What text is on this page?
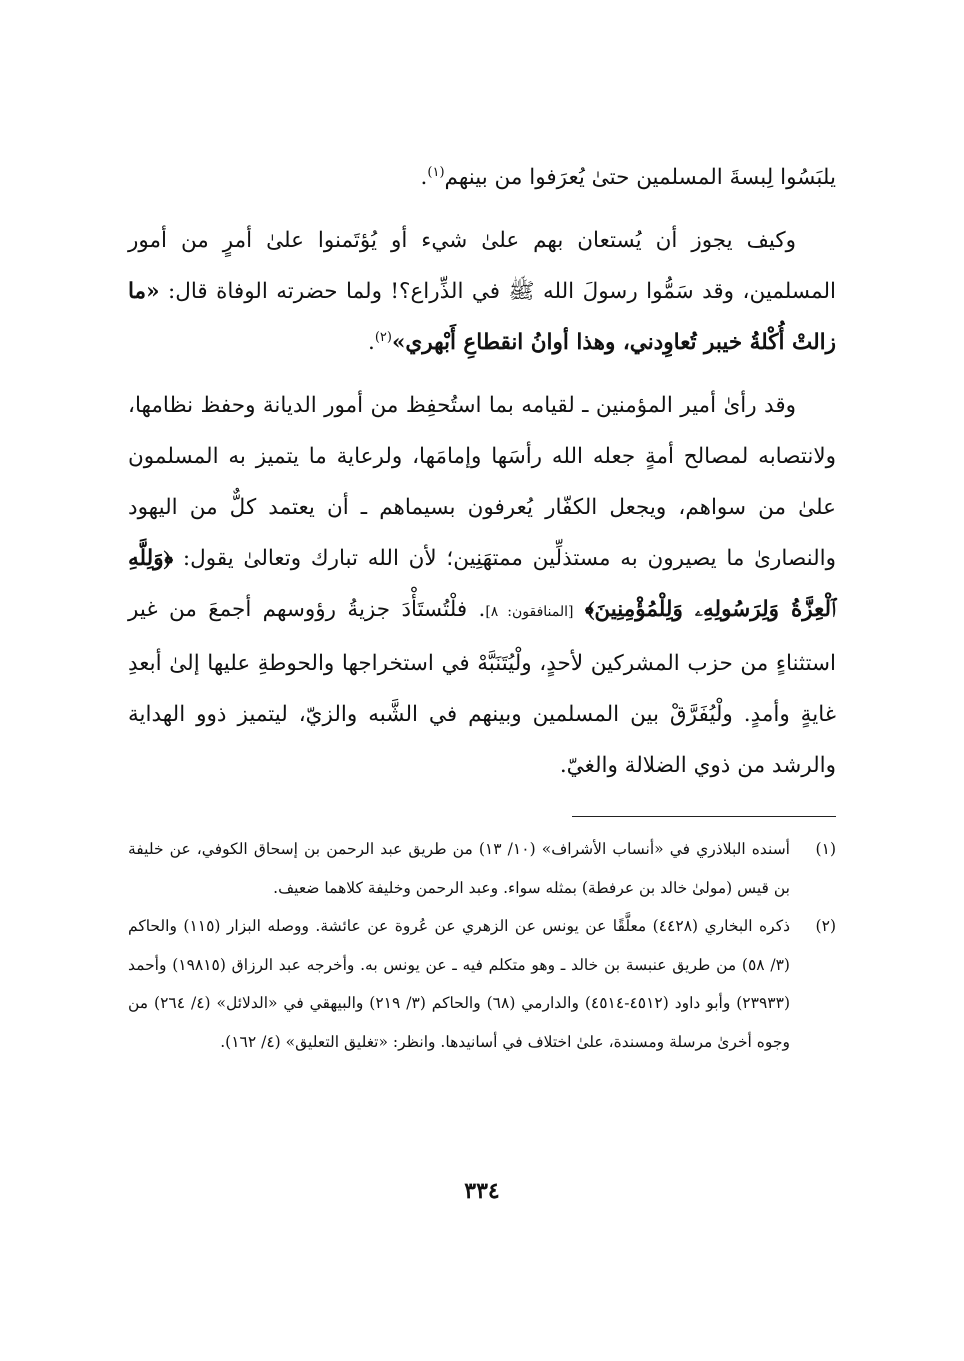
يلبَسُوا لِبسةَ المسلمين حتىٰ يُعرَفوا من بينهم$^{(١)}$.

وكيف يجوز أن يُستعان بهم علىٰ شيء أو يُؤتَمنوا علىٰ أمرٍ من أمور المسلمين، وقد سَمُّوا رسولَ الله ﷺ في الذِّراع؟! ولما حضرته الوفاة قال: «ما زالتْ أُكْلةُ خيبر تُعاوِدني، وهذا أوانُ انقطاعِ أَبْهري»$^{(٢)}$.

وقد رأىٰ أمير المؤمنين ـ لقيامه بما استُحفِظ من أمور الديانة وحفظ نظامها، ولانتصابه لمصالح أمةٍ جعله الله رأسَها وإمامَها، ولرعاية ما يتميز به المسلمون علىٰ من سواهم، ويجعل الكفّار يُعرفون بسيماهم ـ أن يعتمد كلٌّ من اليهود والنصارىٰ ما يصيرون به مستذلِّين ممتهَنِين؛ لأن الله تبارك وتعالىٰ يقول: ﴿وَلِلَّهِ ٱلْعِزَّةُ وَلِرَسُولِهِۦ وَلِلْمُؤْمِنِينَ﴾ [المنافقون: ٨]. فلْتُستَأْدَ جزيةُ رؤوسهم أجمعَ من غير استثناءٍ من حزب المشركين لأحدٍ، ولْيُتَنَبَّهْ في استخراجها والحوطةِ عليها إلىٰ أبعدِ غايةٍ وأمدٍ. ولْيُفَرَّقْ بين المسلمين وبينهم في الشَّبه والزيّ، ليتميز ذوو الهداية والرشد من ذوي الضلالة والغيّ.

(١)
أسنده البلاذري في «أنساب الأشراف» (١٠/ ١٣) من طريق عبد الرحمن بن إسحاق الكوفي، عن خليفة بن قيس (مولىٰ خالد بن عرفطة) بمثله سواء. وعبد الرحمن وخليفة كلاهما ضعيف.
(٢)
ذكره البخاري (٤٤٢٨) معلَّقًا عن يونس عن الزهري عن عُروة عن عائشة. ووصله البزار (١١٥) والحاكم (٣/ ٥٨) من طريق عنبسة بن خالد ـ وهو متكلم فيه ـ عن يونس به. وأخرجه عبد الرزاق (١٩٨١٥) وأحمد (٢٣٩٣٣) وأبو داود (٤٥١٢-٤٥١٤) والدارمي (٦٨) والحاكم (٣/ ٢١٩) والبيهقي في «الدلائل» (٤/ ٢٦٤) من وجوه أخرىٰ مرسلة ومسندة، علىٰ اختلاف في أسانيدها. وانظر: «تغليق التعليق» (٤/ ١٦٢).
٣٣٤
